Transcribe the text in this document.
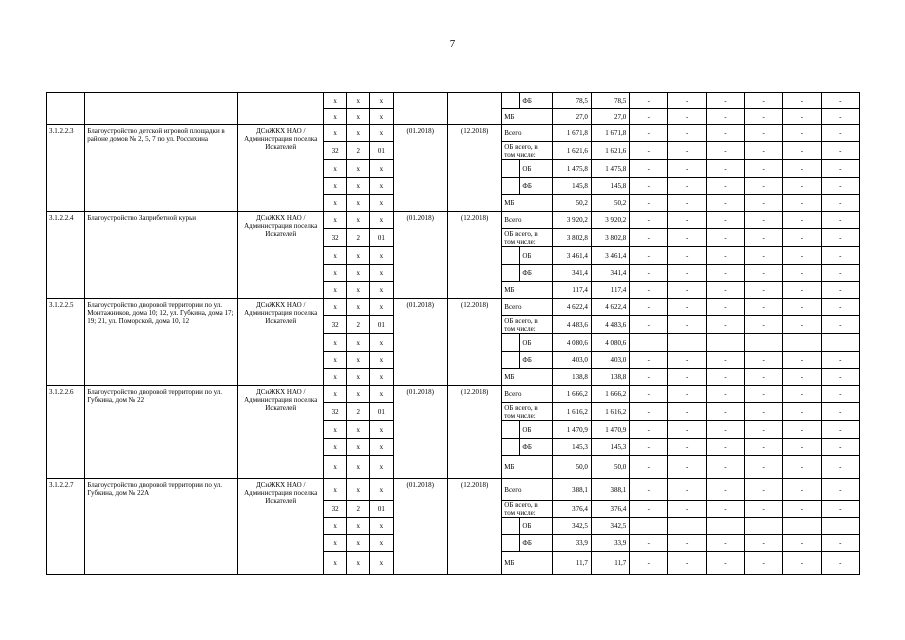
7
			х	х	х				ФБ	78,5	78,5	-	-	-	-	-	-
			х	х	х			МБ		27,0	27,0	-	-	-	-	-	-
3.1.2.2.3	Благоустройство детской игровой площадки в районе домов № 2, 5, 7 по ул. Россихина	ДСиЖКХ НАО / Администрация поселка Искателей	х	х	х	(01.2018)	(12.2018)	Всего		1 671,8	1 671,8	-	-	-	-	-	-
			32	2	01			ОБ всего, в том числе:		1 621,6	1 621,6	-	-	-	-	-	-
			х	х	х				ОБ	1 475,8	1 475,8	-	-	-	-	-	-
			х	х	х				ФБ	145,8	145,8	-	-	-	-	-	-
			х	х	х			МБ		50,2	50,2	-	-	-	-	-	-
3.1.2.2.4	Благоустройство Заприбетной курьи	ДСиЖКХ НАО / Администрация поселка Искателей	х	х	х	(01.2018)	(12.2018)	Всего		3 920,2	3 920,2	-	-	-	-	-	-
			32	2	01			ОБ всего, в том числе:		3 802,8	3 802,8	-	-	-	-	-	-
			х	х	х				ОБ	3 461,4	3 461,4	-	-	-	-	-	-
			х	х	х				ФБ	341,4	341,4	-	-	-	-	-	-
			х	х	х			МБ		117,4	117,4	-	-	-	-	-	-
3.1.2.2.5	Благоустройство дворовой территории по ул. Монтажников, дома 10; 12, ул. Губкина, дома 17; 19; 21, ул. Поморской, дома 10, 12	ДСиЖКХ НАО / Администрация поселка Искателей	х	х	х	(01.2018)	(12.2018)	Всего		4 622,4	4 622,4	-	-	-	-	-	-
			32	2	01			ОБ всего, в том числе:		4 483,6	4 483,6	-	-	-	-	-	-
			х	х	х				ОБ	4 080,6	4 080,6						
			х	х	х				ФБ	403,0	403,0	-	-	-	-	-	-
			х	х	х			МБ		138,8	138,8	-	-	-	-	-	-
3.1.2.2.6	Благоустройство дворовой территории по ул. Губкина, дом № 22	ДСиЖКХ НАО / Администрация поселка Искателей	х	х	х	(01.2018)	(12.2018)	Всего		1 666,2	1 666,2	-	-	-	-	-	-
			32	2	01			ОБ всего, в том числе:		1 616,2	1 616,2	-	-	-	-	-	-
			х	х	х				ОБ	1 470,9	1 470,9	-	-	-	-	-	-
			х	х	х				ФБ	145,3	145,3	-	-	-	-	-	-
			х	х	х			МБ		50,0	50,0	-	-	-	-	-	-
3.1.2.2.7	Благоустройство дворовой территории по ул. Губкина, дом № 22А	ДСиЖКХ НАО / Администрация поселка Искателей	х	х	х	(01.2018)	(12.2018)	Всего		388,1	388,1	-	-	-	-	-	-
			32	2	01			ОБ всего, в том числе:		376,4	376,4	-	-	-	-	-	-
			х	х	х				ОБ	342,5	342,5						
			х	х	х				ФБ	33,9	33,9	-	-	-	-	-	-
			х	х	х			МБ		11,7	11,7	-	-	-	-	-	-
